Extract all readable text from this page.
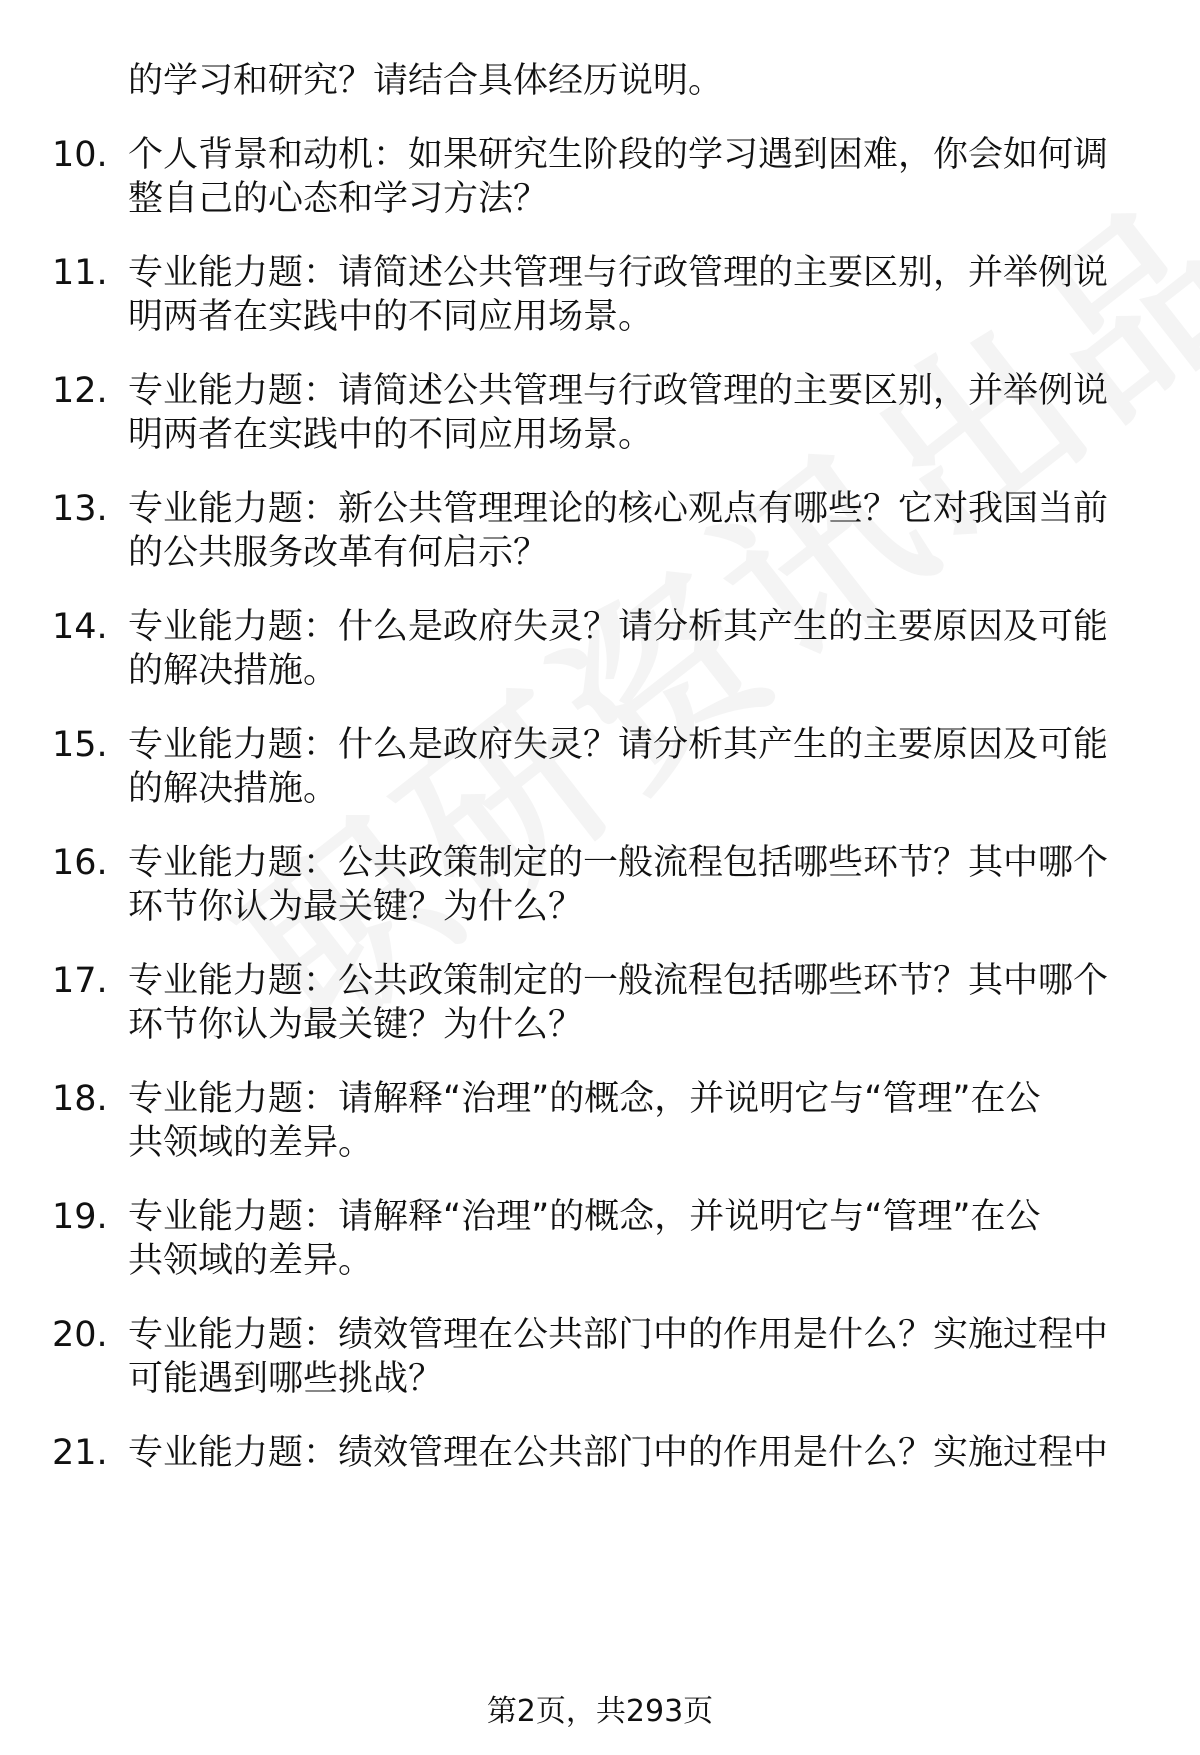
的学习和研究？请结合具体经历说明。
10. 个人背景和动机：如果研究生阶段的学习遇到困难，你会如何调
整自己的心态和学习方法？
11. 专业能力题：请简述公共管理与行政管理的主要区别，并举例说
明两者在实践中的不同应用场景。
12. 专业能力题：请简述公共管理与行政管理的主要区别，并举例说
明两者在实践中的不同应用场景。
13. 专业能力题：新公共管理理论的核心观点有哪些？它对我国当前
的公共服务改革有何启示？
14. 专业能力题：什么是政府失灵？请分析其产生的主要原因及可能
的解决措施。
15. 专业能力题：什么是政府失灵？请分析其产生的主要原因及可能
的解决措施。
16. 专业能力题：公共政策制定的一般流程包括哪些环节？其中哪个
环节你认为最关键？为什么？
17. 专业能力题：公共政策制定的一般流程包括哪些环节？其中哪个
环节你认为最关键？为什么？
18. 专业能力题：请解释“治理”的概念，并说明它与“管理”在公
共领域的差异。
19. 专业能力题：请解释“治理”的概念，并说明它与“管理”在公
共领域的差异。
20. 专业能力题：绩效管理在公共部门中的作用是什么？实施过程中
可能遇到哪些挑战？
21. 专业能力题：绩效管理在公共部门中的作用是什么？实施过程中
第2页，共293页
